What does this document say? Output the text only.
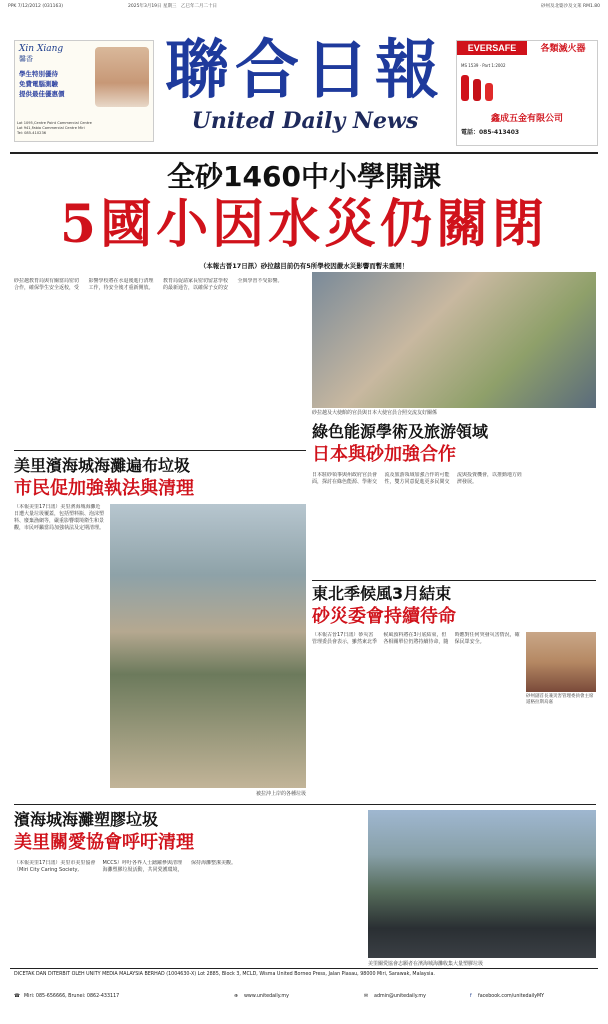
PPK 7/12/2012 (031163)	2025年3月19日 星期三　乙巳年二月二十日	砂州及北婆沙及文莱 RM1.80
Xin Xiang
馨香
學生特別優待
免費電腦測驗
提供最佳優惠價
Lot 1095,Centre Point Commercial Centre
Lot 941,Fabio Commercial Centre Miri
Tel: 085-410236
聯合日報
United Daily News
EVERSAFE	各類滅火器
MS 1539 · Part 1:2002
鑫成五金有限公司
電話：085-413403
全砂1460中小學開課
5國小因水災仍關閉
（本報古晉17日訊）砂拉越目前仍有5所學校因嚴水災影響而暫未重開！
砂拉越教育局與有關當局密切合作，確保學生安全返校，受影響學校將在水退後進行清理工作，待安全後才重新開放。教育局促請家長密切留意學校的最新通告，以確保子女的安全與學習不受影響。
砂拉越及大使館的官員與日本大使官員合照交流友好關係
綠色能源學術及旅游領域
日本與砂加強合作
日本駐砂領事與州政府官員會面，探討在綠色能源、學術交流及旅游領域加強合作的可能性，雙方同意促進更多民間交流與投資機會，以推動地方經濟發展。
美里濱海城海灘遍布垃圾
市民促加強執法與清理
（本報美里17日訊）美里濱海城海灘近日遭大量垃圾覆蓋，包括塑料瓶、泡沫塑料、廢棄漁網等，嚴重影響環境衛生和景觀，市民呼籲當局加強執法及定期清理。
被拉沖上岸的各種垃圾
東北季候風3月結束
砂災委會持續待命
（本報古晉17日訊）砂災害管理委員會表示，雖然東北季候風預料將在3月底結束，但各相關單位仍將持續待命，隨時應對任何突發災害情況，確保民眾安全。
砂州副首長兼災害管理委員會主席道格拉斯烏嘉
濱海城海灘塑膠垃圾
美里關愛協會呼吁清理
（本報美里17日訊）美里市美里協會（Miri City Caring Society, MCCS）呼吁各界人士踴躍參與清理海灘塑膠垃圾活動，共同愛護環境，保持海灘整潔美觀。
美里關愛協會志願者在濱海城海灘收集大量塑膠垃圾
DICETAK DAN DITERBIT OLEH UNITY MEDIA MALAYSIA BERHAD (1004630-X) Lot 2885, Block 3, MCLD, Wisma United Borneo Press, Jalan Piasau, 98000 Miri, Sarawak, Malaysia.
☎ Miri: 085-656666, Brunei: 0862-433117	⊕ www.unitedaily.my	✉ admin@unitedaily.my	f facebook.com/unitedailyMY
